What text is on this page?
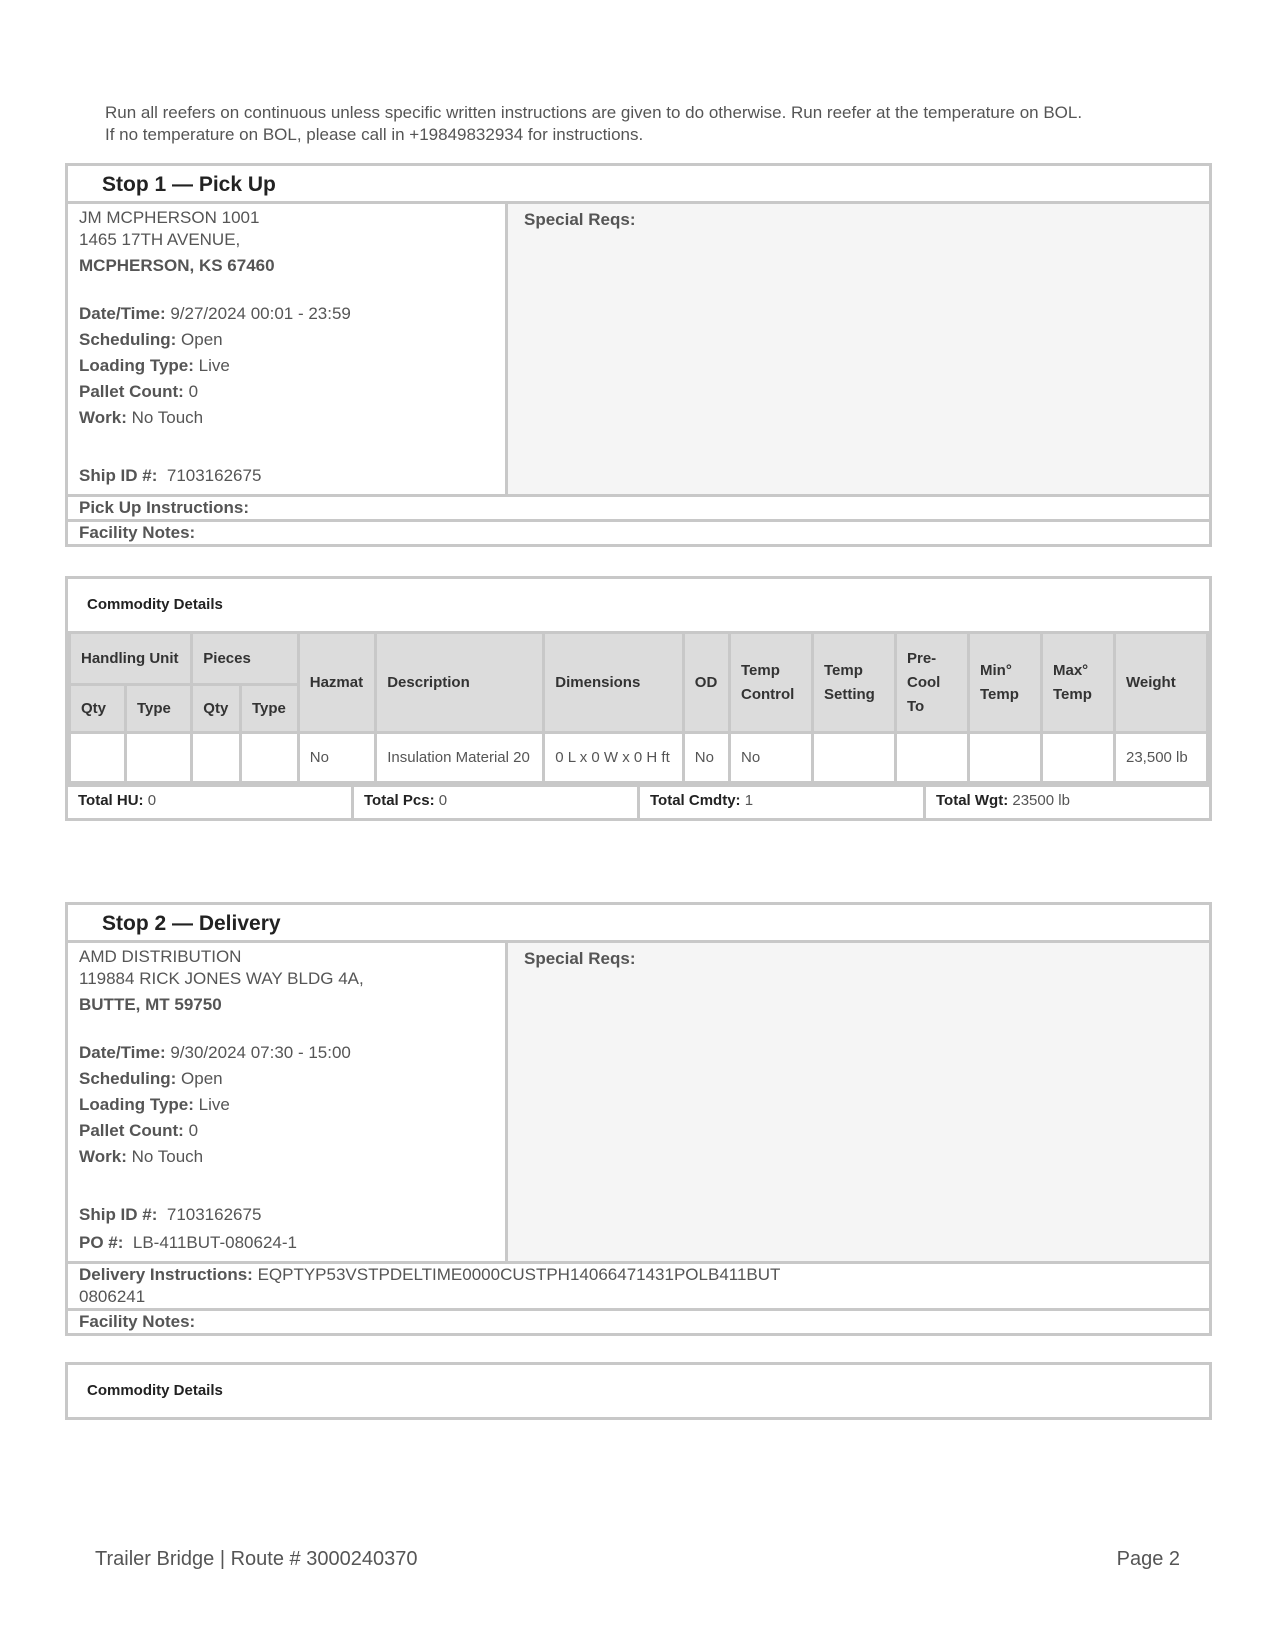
Run all reefers on continuous unless specific written instructions are given to do otherwise. Run reefer at the temperature on BOL.
If no temperature on BOL, please call in +19849832934 for instructions.
Stop 1 — Pick Up
JM MCPHERSON 1001
1465 17TH AVENUE,
MCPHERSON, KS 67460
Date/Time: 9/27/2024 00:01 - 23:59
Scheduling: Open
Loading Type: Live
Pallet Count: 0
Work: No Touch
Ship ID #: 7103162675
Special Reqs:
Pick Up Instructions:
Facility Notes:
Commodity Details
Handling Unit		Pieces		Hazmat	Description	Dimensions	OD	Temp Control	Temp Setting	Pre-Cool To	Min° Temp	Max° Temp	Weight
Qty	Type	Qty	Type										
				No	Insulation Material 20	0 L x 0 W x 0 H ft	No	No					23,500 lb
Total HU: 0	Total Pcs: 0	Total Cmdty: 1	Total Wgt: 23500 lb
Stop 2 — Delivery
AMD DISTRIBUTION
119884 RICK JONES WAY BLDG 4A,
BUTTE, MT 59750
Date/Time: 9/30/2024 07:30 - 15:00
Scheduling: Open
Loading Type: Live
Pallet Count: 0
Work: No Touch
Ship ID #: 7103162675
PO #: LB-411BUT-080624-1
Special Reqs:
Delivery Instructions: EQPTYP53VSTPDELTIME0000CUSTPH14066471431POLB411BUT
0806241
Facility Notes:
Commodity Details
Trailer Bridge | Route # 3000240370	Page 2
